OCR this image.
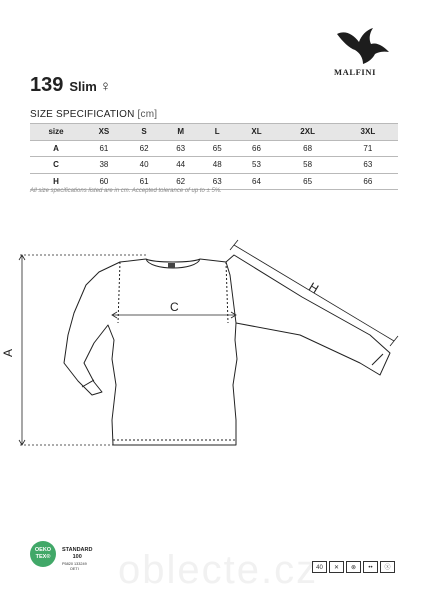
MALFINI
139 Slim ♀
SIZE SPECIFICATION [cm]
size	XS	S	M	L	XL	2XL	3XL
A	61	62	63	65	66	68	71
C	38	40	44	48	53	58	63
H	60	61	62	63	64	65	66
All size specifications listed are in cm. Accepted tolerance of up to ± 5%.
A
C
H
oblecte.cz
OEKO
TEX®
STANDARD
100
P5820 133249
OETI	40 ✕ ⊗ •• ⓧ
